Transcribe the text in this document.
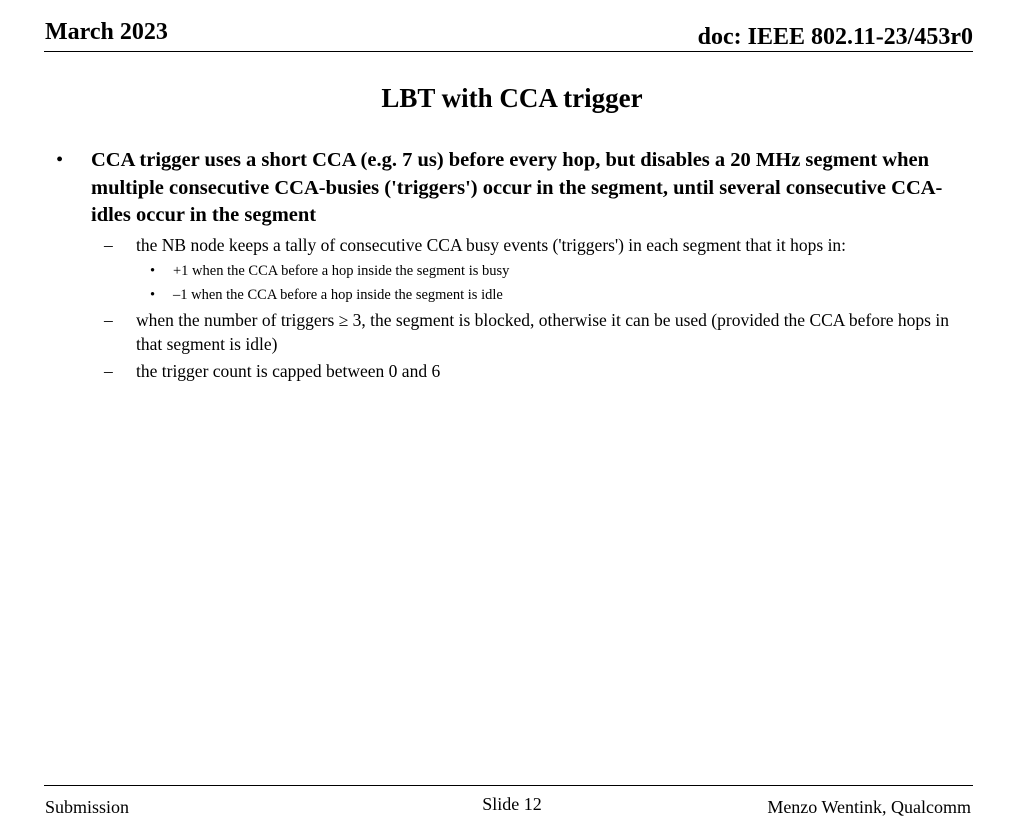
March 2023	doc: IEEE 802.11-23/453r0
LBT with CCA trigger
• CCA trigger uses a short CCA (e.g. 7 us) before every hop, but disables a 20 MHz segment when multiple consecutive CCA-busies ('triggers') occur in the segment, until several consecutive CCA-idles occur in the segment
– the NB node keeps a tally of consecutive CCA busy events ('triggers') in each segment that it hops in:
• +1 when the CCA before a hop inside the segment is busy
• –1 when the CCA before a hop inside the segment is idle
– when the number of triggers ≥ 3, the segment is blocked, otherwise it can be used (provided the CCA before hops in that segment is idle)
– the trigger count is capped between 0 and 6
Submission	Slide 12	Menzo Wentink, Qualcomm
